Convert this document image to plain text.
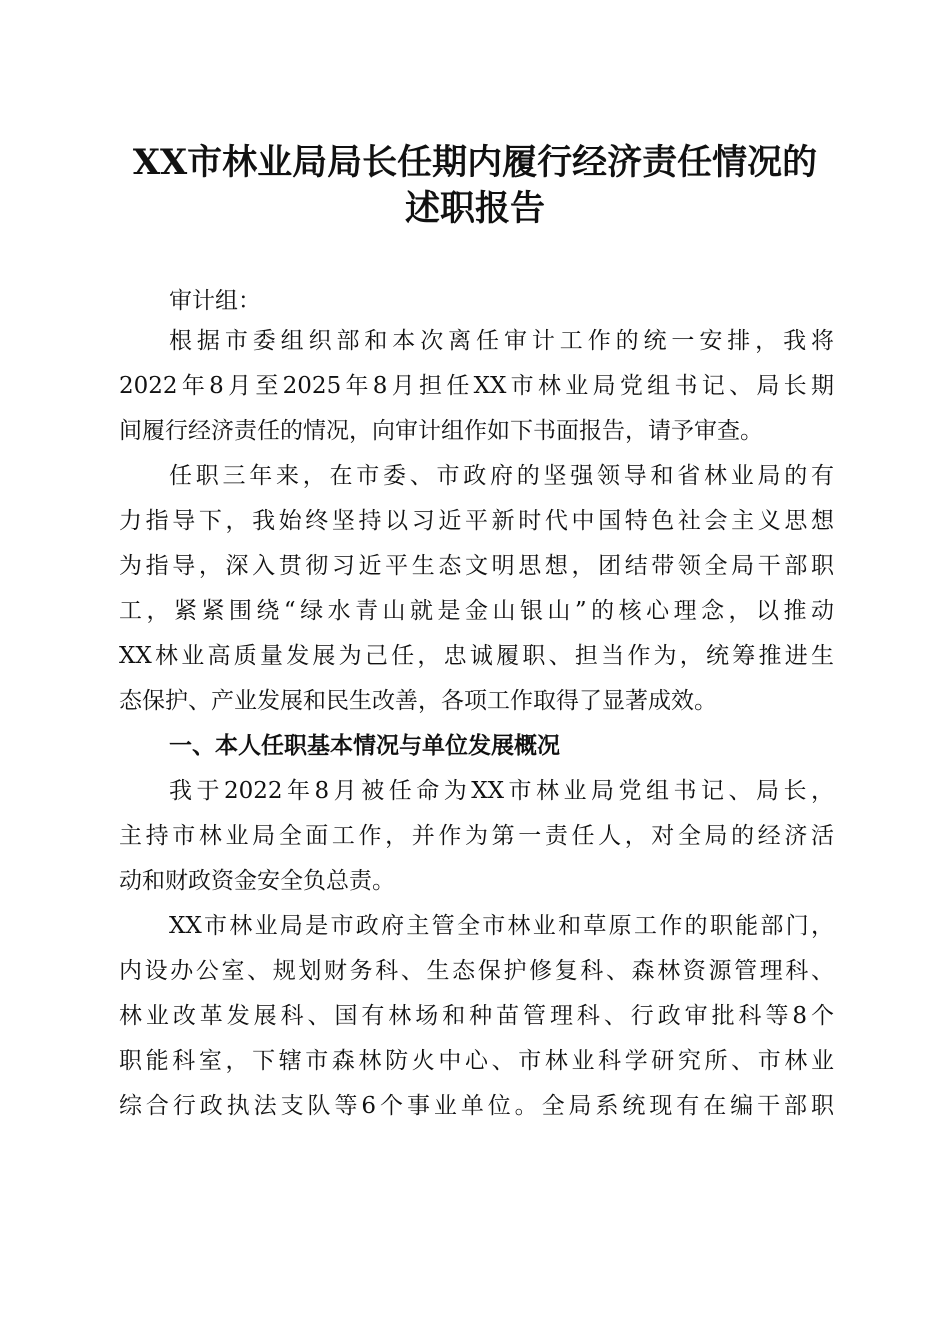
XX市林业局局长任期内履行经济责任情况的
述职报告
审计组：
根据市委组织部和本次离任审计工作的统一安排，我将
2022年8月至2025年8月担任XX市林业局党组书记、局长期
间履行经济责任的情况，向审计组作如下书面报告，请予审查。
任职三年来，在市委、市政府的坚强领导和省林业局的有
力指导下，我始终坚持以习近平新时代中国特色社会主义思想
为指导，深入贯彻习近平生态文明思想，团结带领全局干部职
工，紧紧围绕“绿水青山就是金山银山”的核心理念，以推动
XX林业高质量发展为己任，忠诚履职、担当作为，统筹推进生
态保护、产业发展和民生改善，各项工作取得了显著成效。
一、本人任职基本情况与单位发展概况
我于2022年8月被任命为XX市林业局党组书记、局长，
主持市林业局全面工作，并作为第一责任人，对全局的经济活
动和财政资金安全负总责。
XX市林业局是市政府主管全市林业和草原工作的职能部门，
内设办公室、规划财务科、生态保护修复科、森林资源管理科、
林业改革发展科、国有林场和种苗管理科、行政审批科等8个
职能科室，下辖市森林防火中心、市林业科学研究所、市林业
综合行政执法支队等6个事业单位。全局系统现有在编干部职
